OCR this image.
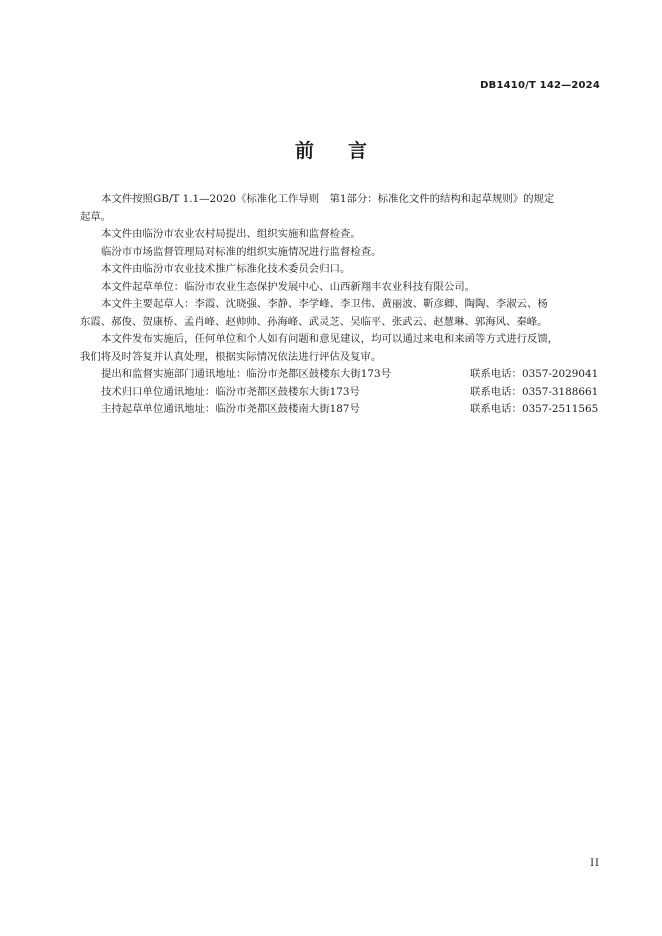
DB1410/T 142—2024
前 言

本文件按照GB/T 1.1—2020《标准化工作导则　第1部分：标准化文件的结构和起草规则》的规定

起草。

本文件由临汾市农业农村局提出、组织实施和监督检查。

临汾市市场监督管理局对标准的组织实施情况进行监督检查。

本文件由临汾市农业技术推广标准化技术委员会归口。

本文件起草单位：临汾市农业生态保护发展中心、山西新翔丰农业科技有限公司。

本文件主要起草人：李霞、沈晓强、李静、李学峰、李卫伟、黄丽波、靳彦卿、陶陶、李淑云、杨

东霞、郝俊、贺康桥、孟肖峰、赵帅帅、孙海峰、武灵芝、吴临平、张武云、赵慧琳、郭海风、秦峰。

本文件发布实施后，任何单位和个人如有问题和意见建议，均可以通过来电和来函等方式进行反馈，

我们将及时答复并认真处理，根据实际情况依法进行评估及复审。

提出和监督实施部门通讯地址：临汾市尧都区鼓楼东大街173号	联系电话：0357-2029041

技术归口单位通讯地址：临汾市尧都区鼓楼东大街173号	联系电话：0357-3188661

主持起草单位通讯地址：临汾市尧都区鼓楼南大街187号	联系电话：0357-2511565

II
